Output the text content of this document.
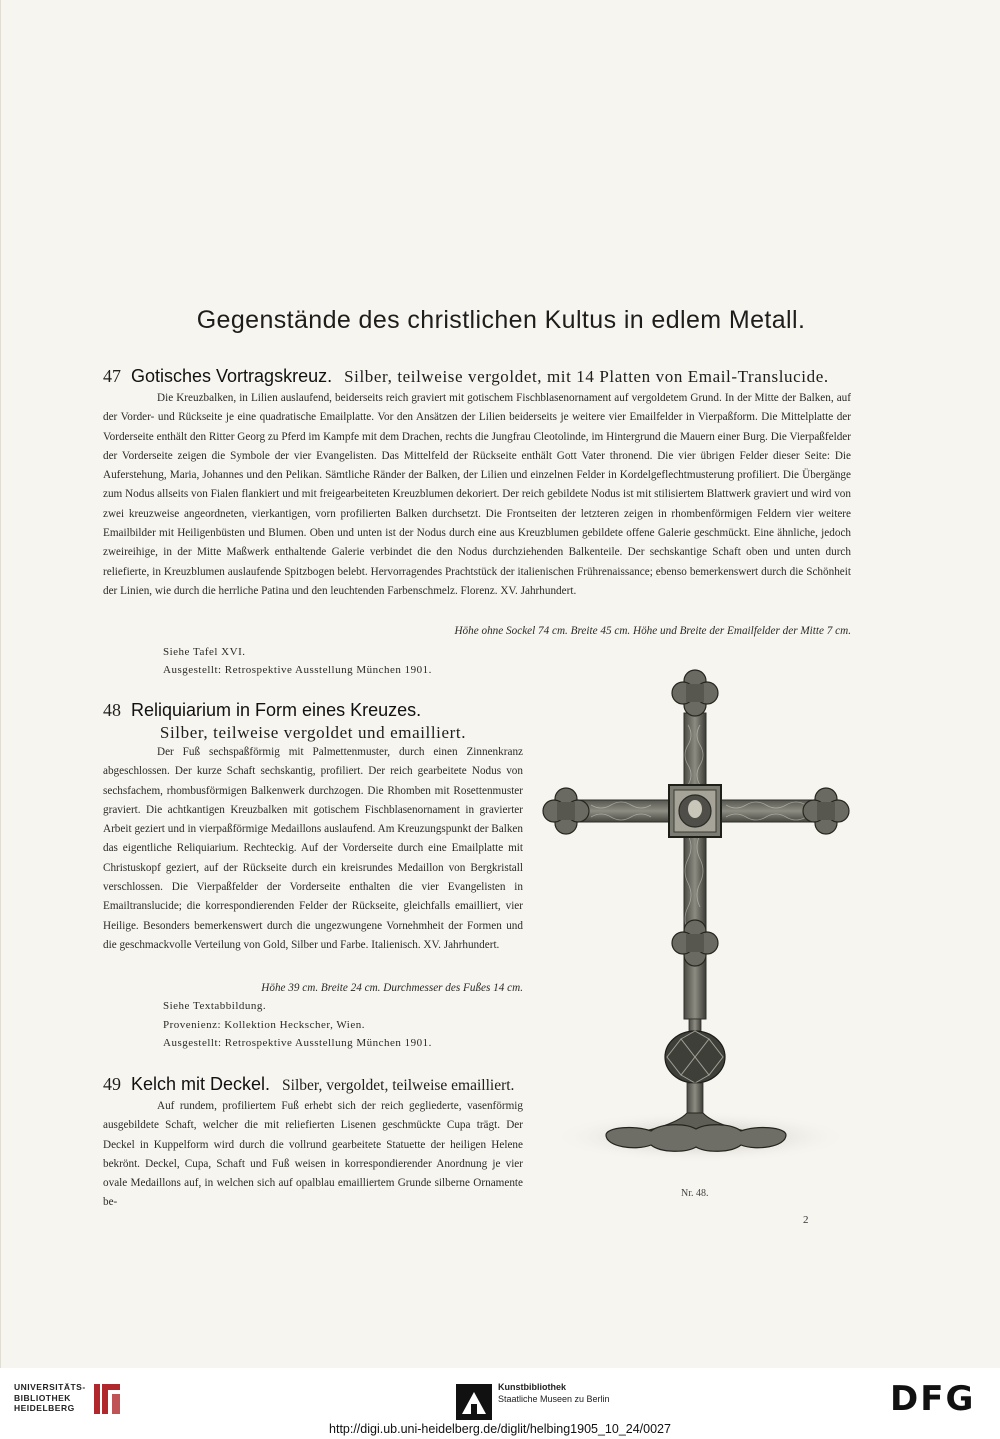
Gegenstände des christlichen Kultus in edlem Metall.
47 Gotisches Vortragskreuz. Silber, teilweise vergoldet, mit 14 Platten von Email-Translucide.

Die Kreuzbalken, in Lilien auslaufend, beiderseits reich graviert mit gotischem Fischblasenornament auf vergoldetem Grund. In der Mitte der Balken, auf der Vorder- und Rückseite je eine quadratische Emailplatte. Vor den Ansätzen der Lilien beiderseits je weitere vier Emailfelder in Vierpaßform. Die Mittelplatte der Vorderseite enthält den Ritter Georg zu Pferd im Kampfe mit dem Drachen, rechts die Jungfrau Cleotolinde, im Hintergrund die Mauern einer Burg. Die Vierpaßfelder der Vorderseite zeigen die Symbole der vier Evangelisten. Das Mittelfeld der Rückseite enthält Gott Vater thronend. Die vier übrigen Felder dieser Seite: Die Auferstehung, Maria, Johannes und den Pelikan. Sämtliche Ränder der Balken, der Lilien und einzelnen Felder in Kordelgeflechtmusterung profiliert. Die Übergänge zum Nodus allseits von Fialen flankiert und mit freigearbeiteten Kreuzblumen dekoriert. Der reich gebildete Nodus ist mit stilisiertem Blattwerk graviert und wird von zwei kreuzweise angeordneten, vierkantigen, vorn profilierten Balken durchsetzt. Die Frontseiten der letzteren zeigen in rhombenförmigen Feldern vier weitere Emailbilder mit Heiligenbüsten und Blumen. Oben und unten ist der Nodus durch eine aus Kreuzblumen gebildete offene Galerie geschmückt. Eine ähnliche, jedoch zweireihige, in der Mitte Maßwerk enthaltende Galerie verbindet die den Nodus durchziehenden Balkenteile. Der sechskantige Schaft oben und unten durch reliefierte, in Kreuzblumen auslaufende Spitzbogen belebt. Hervorragendes Prachtstück der italienischen Frührenaissance; ebenso bemerkenswert durch die Schönheit der Linien, wie durch die herrliche Patina und den leuchtenden Farbenschmelz. Florenz. XV. Jahrhundert.

Höhe ohne Sockel 74 cm. Breite 45 cm. Höhe und Breite der Emailfelder der Mitte 7 cm.
Siehe Tafel XVI.
Ausgestellt: Retrospektive Ausstellung München 1901.
48 Reliquiarium in Form eines Kreuzes.
Silber, teilweise vergoldet und emailliert.

Der Fuß sechspaßförmig mit Palmettenmuster, durch einen Zinnenkranz abgeschlossen. Der kurze Schaft sechskantig, profiliert. Der reich gearbeitete Nodus von sechsfachem, rhombusförmigen Balkenwerk durchzogen. Die Rhomben mit Rosettenmuster graviert. Die achtkantigen Kreuzbalken mit gotischem Fischblasenornament in gravierter Arbeit geziert und in vierpaßförmige Medaillons auslaufend. Am Kreuzungspunkt der Balken das eigentliche Reliquiarium. Rechteckig. Auf der Vorderseite durch eine Emailplatte mit Christuskopf geziert, auf der Rückseite durch ein kreisrundes Medaillon von Bergkristall verschlossen. Die Vierpaßfelder der Vorderseite enthalten die vier Evangelisten in Emailtranslucide; die korrespondierenden Felder der Rückseite, gleichfalls emailliert, vier Heilige. Besonders bemerkenswert durch die ungezwungene Vornehmheit der Formen und die geschmackvolle Verteilung von Gold, Silber und Farbe. Italienisch. XV. Jahrhundert.

Höhe 39 cm. Breite 24 cm. Durchmesser des Fußes 14 cm.
Siehe Textabbildung.
Provenienz: Kollektion Heckscher, Wien.
Ausgestellt: Retrospektive Ausstellung München 1901.
49 Kelch mit Deckel. Silber, vergoldet, teilweise emailliert.

Auf rundem, profiliertem Fuß erhebt sich der reich gegliederte, vasenförmig ausgebildete Schaft, welcher die mit reliefierten Lisenen geschmückte Cupa trägt. Der Deckel in Kuppelform wird durch die vollrund gearbeitete Statuette der heiligen Helene bekrönt. Deckel, Cupa, Schaft und Fuß weisen in korrespondierender Anordnung je vier ovale Medaillons auf, in welchen sich auf opalblau emailliertem Grunde silberne Ornamente be-

Nr. 48.
2
UNIVERSITÄTS-
BIBLIOTHEK
HEIDELBERG
Kunstbibliothek
Staatliche Museen zu Berlin	DFG
http://digi.ub.uni-heidelberg.de/diglit/helbing1905_10_24/0027
